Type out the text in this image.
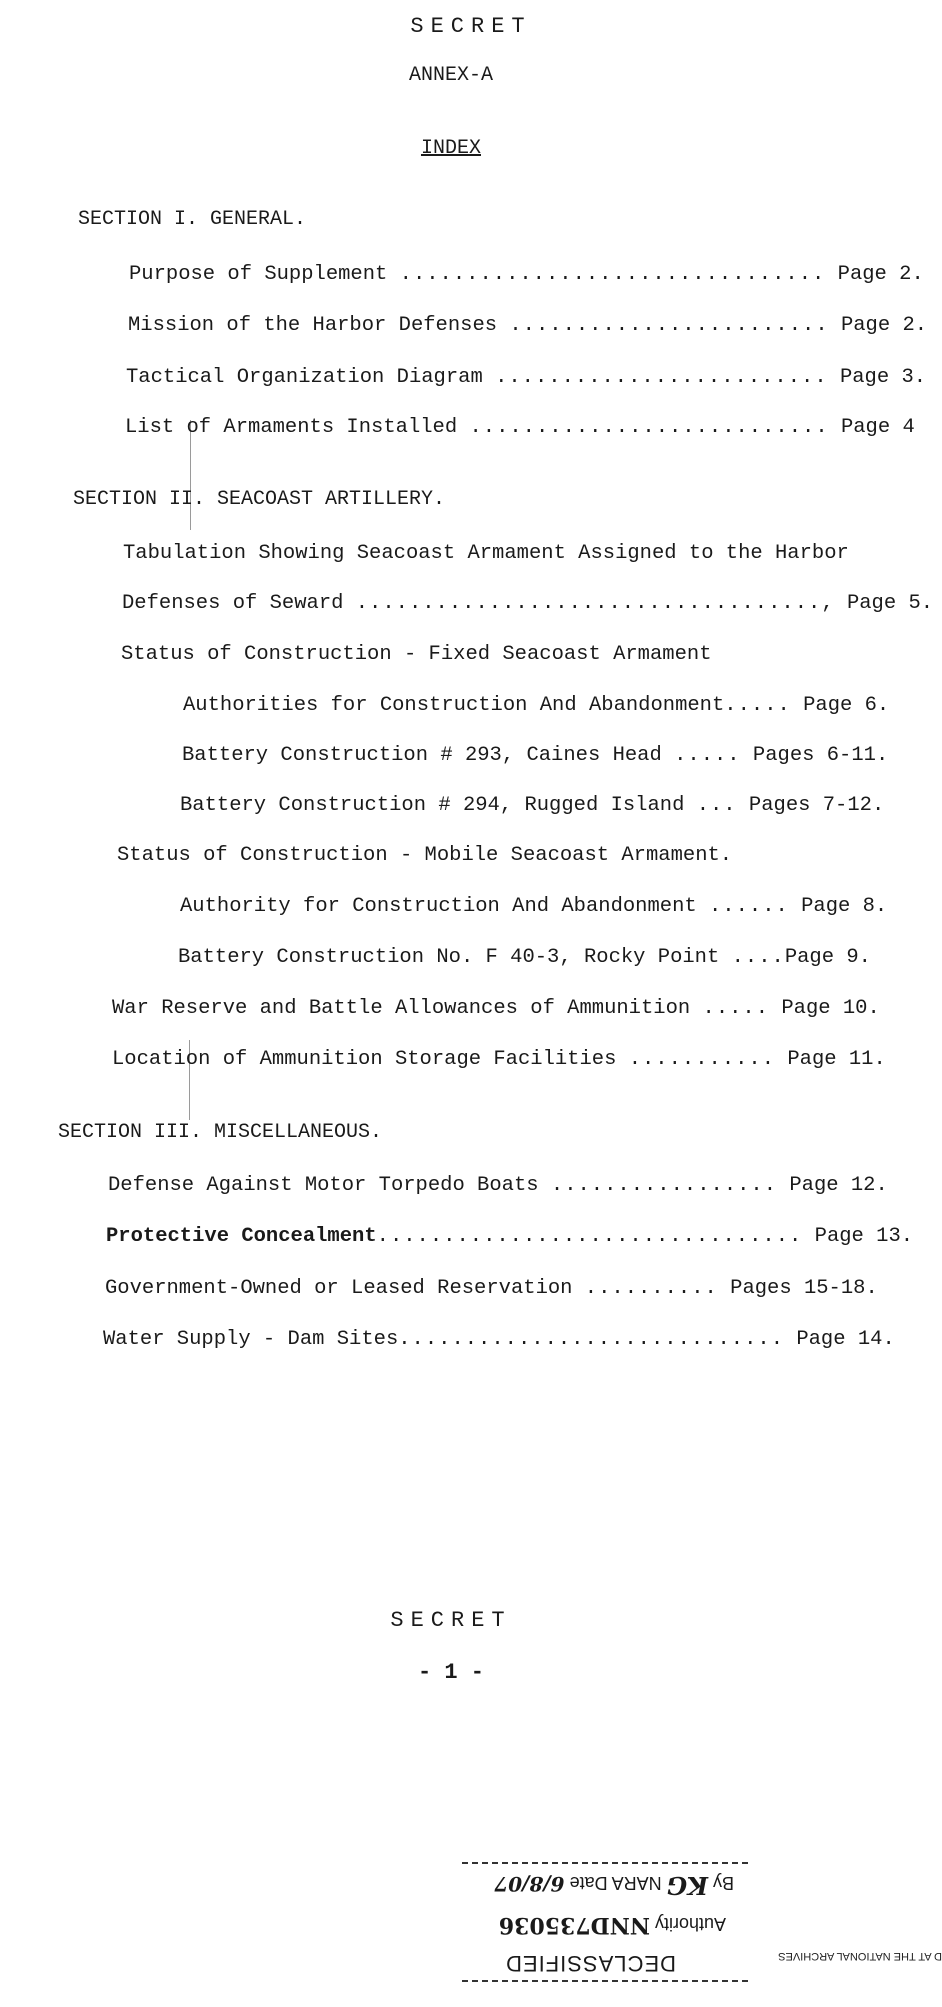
SECRET
ANNEX-A
INDEX
SECTION I. GENERAL.
Purpose of Supplement ................................ Page 2.
Mission of the Harbor Defenses ........................ Page 2.
Tactical Organization Diagram ......................... Page 3.
List of Armaments Installed ........................... Page 4
SECTION II. SEACOAST ARTILLERY.
Tabulation Showing Seacoast Armament Assigned to the Harbor
Defenses of Seward ..................................., Page 5.
Status of Construction - Fixed Seacoast Armament
Authorities for Construction And Abandonment..... Page 6.
Battery Construction # 293, Caines Head ..... Pages 6-11.
Battery Construction # 294, Rugged Island ... Pages 7-12.
Status of Construction - Mobile Seacoast Armament.
Authority for Construction And Abandonment ...... Page 8.
Battery Construction No. F 40-3, Rocky Point ....Page 9.
War Reserve and Battle Allowances of Ammunition ..... Page 10.
Location of Ammunition Storage Facilities ........... Page 11.
SECTION III. MISCELLANEOUS.
Defense Against Motor Torpedo Boats ................. Page 12.
Protective Concealment................................ Page 13.
Government-Owned or Leased Reservation .......... Pages 15-18.
Water Supply - Dam Sites............................. Page 14.
SECRET
- 1 -
DECLASSIFIED
Authority NND735036
By KG NARA Date 6/8/07
D AT THE NATIONAL ARCHIVES
